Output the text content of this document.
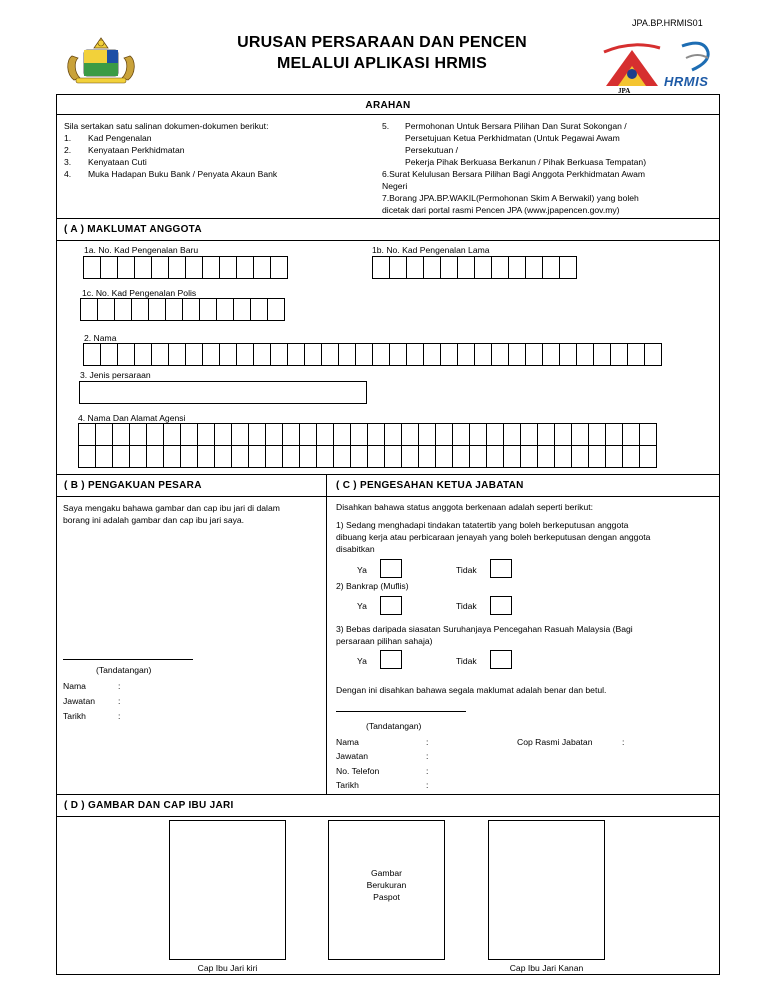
JPA.BP.HRMIS01
URUSAN PERSARAAN DAN PENCEN
MELALUI APLIKASI HRMIS
JPA
HRMIS
ARAHAN
Sila sertakan satu salinan dokumen-dokumen berikut:
1. Kad Pengenalan
2. Kenyataan Perkhidmatan
3. Kenyataan Cuti
4. Muka Hadapan Buku Bank / Penyata Akaun Bank
5. Permohonan Untuk Bersara Pilihan Dan Surat Sokongan /
Persetujuan Ketua Perkhidmatan (Untuk Pegawai Awam
Persekutuan /
Pekerja Pihak Berkuasa Berkanun / Pihak Berkuasa Tempatan)
6.Surat Kelulusan Bersara Pilihan Bagi Anggota Perkhidmatan Awam
Negeri
7.Borang JPA.BP.WAKIL(Permohonan Skim A Berwakil) yang boleh
dicetak dari portal rasmi Pencen JPA (www.jpapencen.gov.my)
( A ) MAKLUMAT ANGGOTA
1a. No. Kad Pengenalan Baru	1b. No. Kad Pengenalan Lama
1c. No. Kad Pengenalan Polis
2. Nama
3. Jenis persaraan
4. Nama Dan Alamat Agensi
( B ) PENGAKUAN PESARA	( C ) PENGESAHAN KETUA JABATAN
Saya mengaku bahawa gambar dan cap ibu jari di dalam
borang ini adalah gambar dan cap ibu jari saya.
(Tandatangan)
Nama	:
Jawatan	:
Tarikh	:
Disahkan bahawa status anggota berkenaan adalah seperti berikut:
1) Sedang menghadapi tindakan tatatertib yang boleh berkeputusan anggota
dibuang kerja atau perbicaraan jenayah yang boleh berkeputusan dengan anggota
disabitkan
Ya	Tidak
2) Bankrap (Muflis)
Ya	Tidak
3) Bebas daripada siasatan Suruhanjaya Pencegahan Rasuah Malaysia (Bagi
persaraan pilihan sahaja)
Ya	Tidak
Dengan ini disahkan bahawa segala maklumat adalah benar dan betul.
(Tandatangan)
Nama	:
Jawatan	:
No. Telefon	:
Tarikh	:
Cop Rasmi Jabatan	:
( D ) GAMBAR DAN CAP IBU JARI
Cap Ibu Jari kiri
Gambar
Berukuran
Paspot
Cap Ibu Jari Kanan
